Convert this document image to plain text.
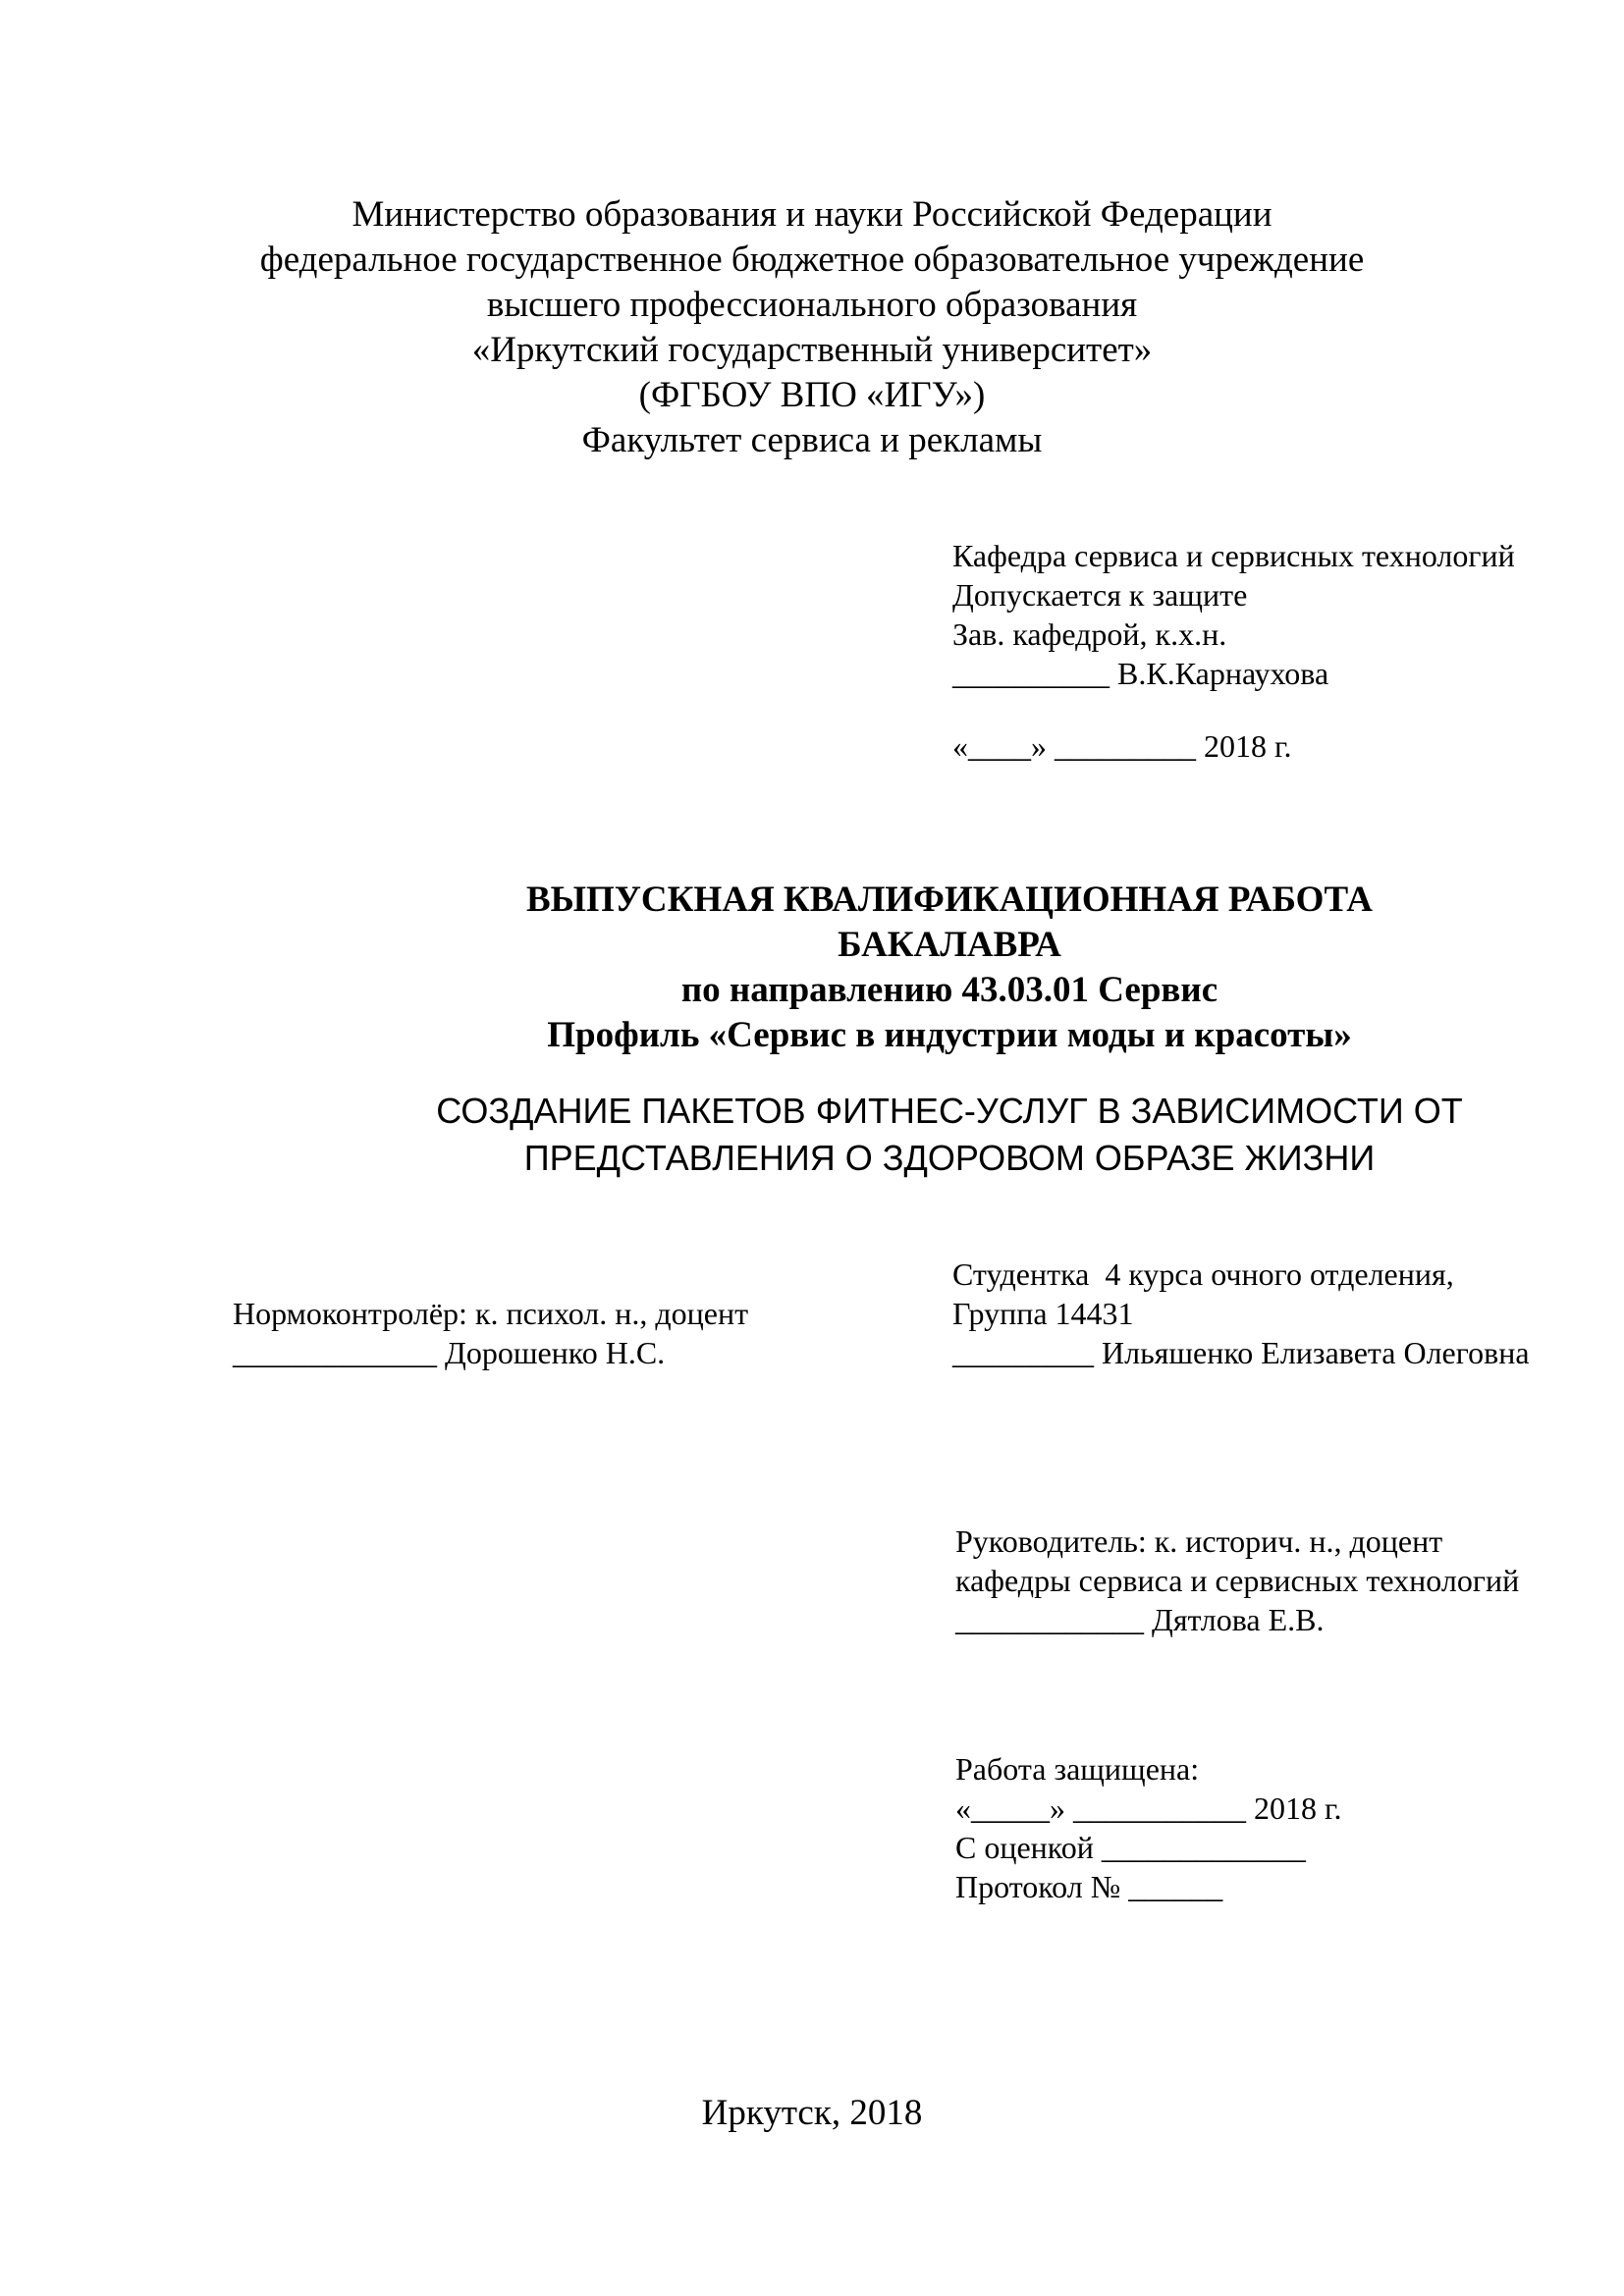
Министерство образования и науки Российской Федерации

федеральное государственное бюджетное образовательное учреждение

высшего профессионального образования

«Иркутский государственный университет»

(ФГБОУ ВПО «ИГУ»)

Факультет сервиса и рекламы

Кафедра сервиса и сервисных технологий

Допускается к защите

Зав. кафедрой, к.х.н.

__________ В.К.Карнаухова

«____» _________ 2018 г.

ВЫПУСКНАЯ КВАЛИФИКАЦИОННАЯ РАБОТА

БАКАЛАВРА

по направлению 43.03.01 Сервис

Профиль «Сервис в индустрии моды и красоты»

СОЗДАНИЕ ПАКЕТОВ ФИТНЕС-УСЛУГ В ЗАВИСИМОСТИ ОТ

ПРЕДСТАВЛЕНИЯ О ЗДОРОВОМ ОБРАЗЕ ЖИЗНИ

Нормоконтролёр: к. психол. н., доцент

_____________ Дорошенко Н.С.

Студентка  4 курса очного отделения,

Группа 14431

_________ Ильяшенко Елизавета Олеговна

Руководитель: к. историч. н., доцент

кафедры сервиса и сервисных технологий

____________ Дятлова Е.В.

Работа защищена:

«_____» ___________ 2018 г.

С оценкой _____________

Протокол № ______

Иркутск, 2018
